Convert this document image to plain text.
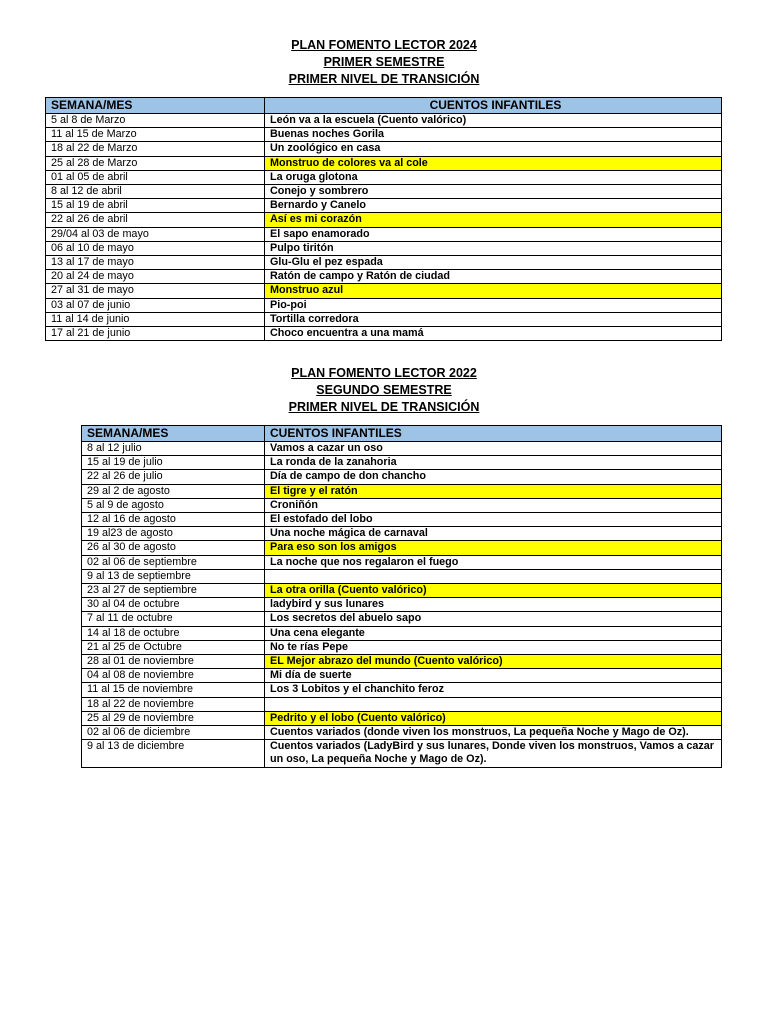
PLAN FOMENTO LECTOR 2024
PRIMER SEMESTRE
PRIMER NIVEL DE TRANSICIÓN
SEMANA/MES	CUENTOS INFANTILES
5 al 8 de Marzo	León va a la escuela (Cuento valórico)
11 al 15 de Marzo	Buenas noches Gorila
18 al 22 de Marzo	Un zoológico en casa
25 al 28 de Marzo	Monstruo de colores va al cole
01 al 05 de abril	La oruga glotona
8 al 12 de abril	Conejo y sombrero
15 al 19 de abril	Bernardo y Canelo
22 al 26 de abril	Así es mi corazón
29/04 al 03 de mayo	El sapo enamorado
06 al 10 de mayo	Pulpo tiritón
13 al 17 de mayo	Glu-Glu el pez espada
20 al 24 de mayo	Ratón de campo y Ratón de ciudad
27 al 31 de mayo	Monstruo azul
03 al 07 de junio	Pio-poi
11 al 14 de junio	Tortilla corredora
17 al 21 de junio	Choco encuentra a una mamá
PLAN FOMENTO LECTOR 2022
SEGUNDO SEMESTRE
PRIMER NIVEL DE TRANSICIÓN
SEMANA/MES	CUENTOS INFANTILES
8 al 12 julio	Vamos a cazar un oso
15 al 19 de julio	La ronda de la zanahoria
22 al 26 de julio	Día de campo de don chancho
29 al 2 de agosto	El tigre y el ratón
5 al 9 de agosto	Croniñón
12 al 16 de agosto	El estofado del lobo
19 al23 de agosto	Una noche mágica de carnaval
26 al 30 de agosto	Para eso son los amigos
02 al 06 de septiembre	La noche que nos regalaron el fuego
9 al 13 de septiembre	
23 al 27 de septiembre	La otra orilla (Cuento valórico)
30 al 04 de octubre	ladybird y sus lunares
7 al 11 de octubre	Los secretos del abuelo sapo
14 al 18 de octubre	Una cena elegante
21 al 25 de Octubre	No te rías Pepe
28 al 01 de noviembre	EL Mejor abrazo del mundo (Cuento valórico)
04 al 08 de noviembre	Mi día de suerte
11 al 15 de noviembre	Los 3 Lobitos y el chanchito feroz
18 al 22 de noviembre	
25 al 29 de noviembre	Pedrito y el lobo (Cuento valórico)
02 al 06 de diciembre	Cuentos variados (donde viven los monstruos, La pequeña Noche y Mago de Oz).
9 al 13 de diciembre	Cuentos variados (LadyBird y sus lunares, Donde viven los monstruos, Vamos a cazar un oso, La pequeña Noche y Mago de Oz).
